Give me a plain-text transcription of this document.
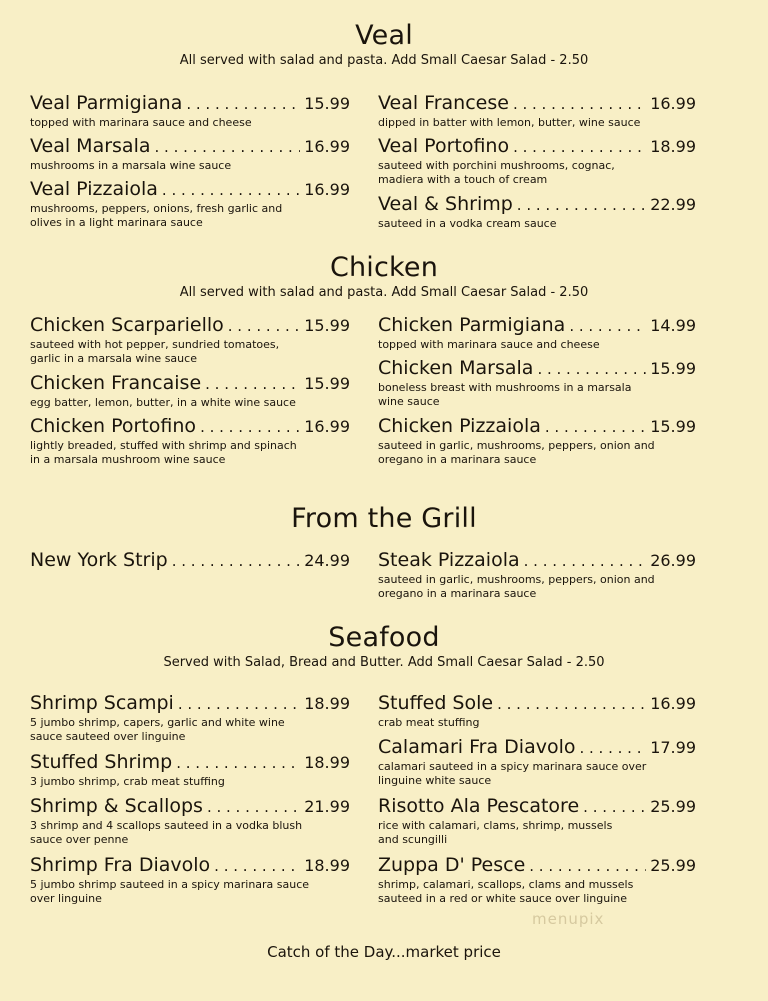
Veal
All served with salad and pasta. Add Small Caesar Salad - 2.50
Veal Parmigiana . . .	15.99
topped with marinara sauce and cheese
Veal Marsala . . .	16.99
mushrooms in a marsala wine sauce
Veal Pizzaiola . . .	16.99
mushrooms, peppers, onions, fresh garlic and
olives in a light marinara sauce
Veal Francese . . .	16.99
dipped in batter with lemon, butter, wine sauce
Veal Portofino . . .	18.99
sauteed with porchini mushrooms, cognac,
madiera with a touch of cream
Veal & Shrimp . . .	22.99
sauteed in a vodka cream sauce
Chicken
All served with salad and pasta. Add Small Caesar Salad - 2.50
Chicken Scarpariello . . .	15.99
sauteed with hot pepper, sundried tomatoes,
garlic in a marsala wine sauce
Chicken Francaise . . .	15.99
egg batter, lemon, butter, in a white wine sauce
Chicken Portofino . . .	16.99
lightly breaded, stuffed with shrimp and spinach
in a marsala mushroom wine sauce
Chicken Parmigiana . . .	14.99
topped with marinara sauce and cheese
Chicken Marsala . . .	15.99
boneless breast with mushrooms in a marsala
wine sauce
Chicken Pizzaiola . . .	15.99
sauteed in garlic, mushrooms, peppers, onion and
oregano in a marinara sauce
From the Grill
New York Strip . . .	24.99 Steak Pizzaiola . . .	26.99
sauteed in garlic, mushrooms, peppers, onion and
oregano in a marinara sauce
Seafood
Served with Salad, Bread and Butter. Add Small Caesar Salad - 2.50
Shrimp Scampi . . .	18.99
5 jumbo shrimp, capers, garlic and white wine
sauce sauteed over linguine
Stuffed Shrimp . . .	18.99
3 jumbo shrimp, crab meat stuffing
Shrimp & Scallops . . .	21.99
3 shrimp and 4 scallops sauteed in a vodka blush
sauce over penne
Shrimp Fra Diavolo . . .	18.99
5 jumbo shrimp sauteed in a spicy marinara sauce
over linguine
Stuffed Sole . . .	16.99
crab meat stuffing
Calamari Fra Diavolo . . .	17.99
calamari sauteed in a spicy marinara sauce over
linguine white sauce
Risotto Ala Pescatore . . .	25.99
rice with calamari, clams, shrimp, mussels
and scungilli
Zuppa D' Pesce . . .	25.99
shrimp, calamari, scallops, clams and mussels
sauteed in a red or white sauce over linguine
menupix
Catch of the Day...market price
